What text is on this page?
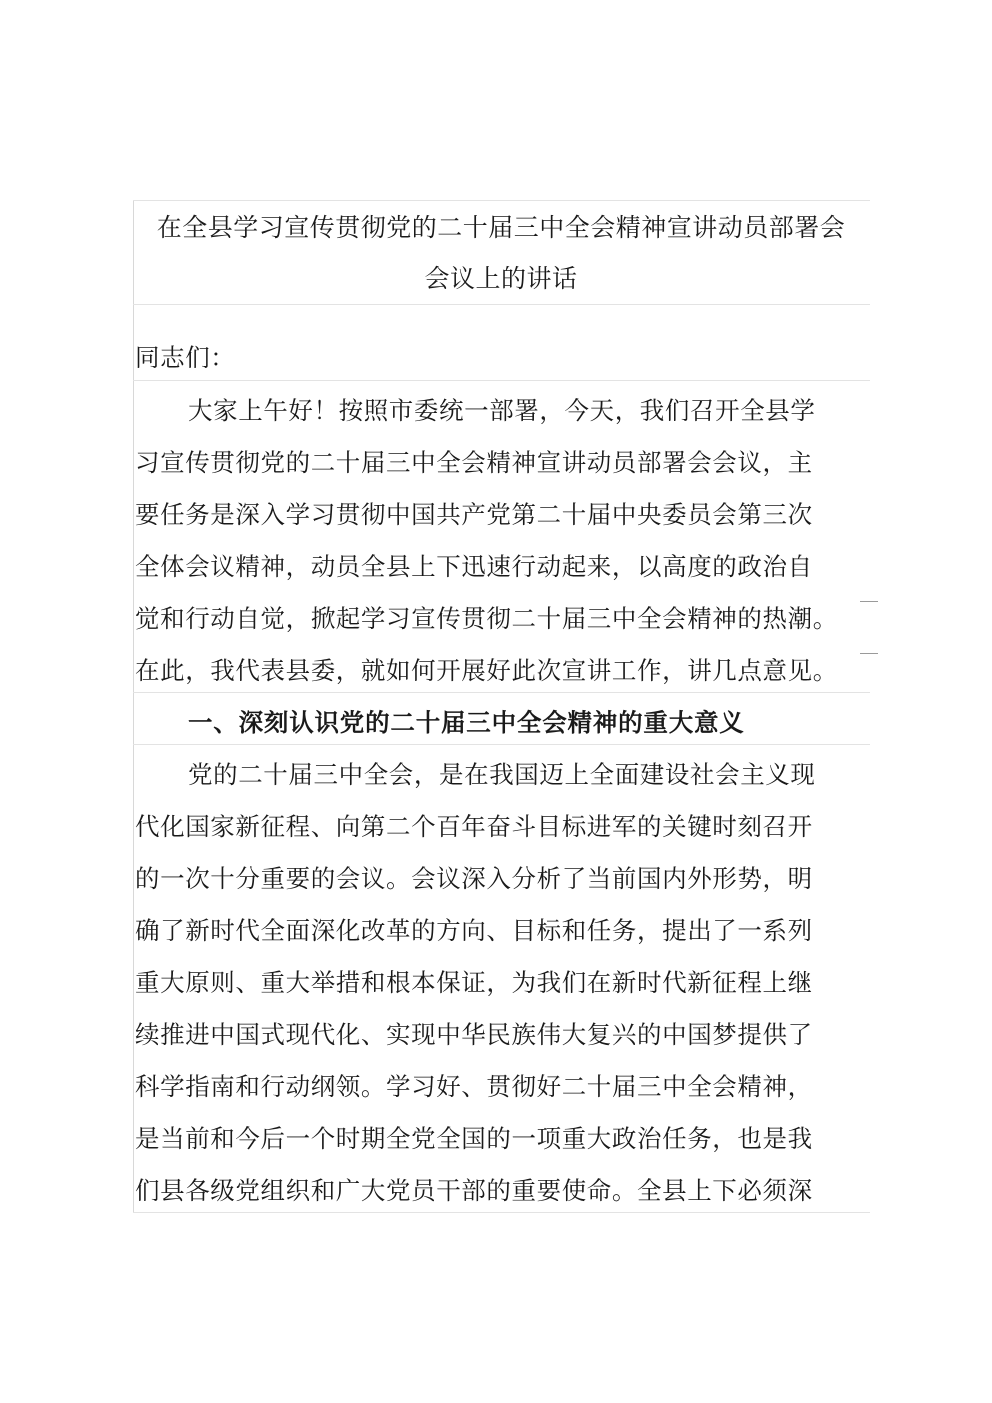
在全县学习宣传贯彻党的二十届三中全会精神宣讲动员部署会
会议上的讲话
同志们：
大家上午好！按照市委统一部署，今天，我们召开全县学
习宣传贯彻党的二十届三中全会精神宣讲动员部署会会议，主
要任务是深入学习贯彻中国共产党第二十届中央委员会第三次
全体会议精神，动员全县上下迅速行动起来，以高度的政治自
觉和行动自觉，掀起学习宣传贯彻二十届三中全会精神的热潮。
在此，我代表县委，就如何开展好此次宣讲工作，讲几点意见。
一、深刻认识党的二十届三中全会精神的重大意义
党的二十届三中全会，是在我国迈上全面建设社会主义现
代化国家新征程、向第二个百年奋斗目标进军的关键时刻召开
的一次十分重要的会议。会议深入分析了当前国内外形势，明
确了新时代全面深化改革的方向、目标和任务，提出了一系列
重大原则、重大举措和根本保证，为我们在新时代新征程上继
续推进中国式现代化、实现中华民族伟大复兴的中国梦提供了
科学指南和行动纲领。学习好、贯彻好二十届三中全会精神，
是当前和今后一个时期全党全国的一项重大政治任务，也是我
们县各级党组织和广大党员干部的重要使命。全县上下必须深
